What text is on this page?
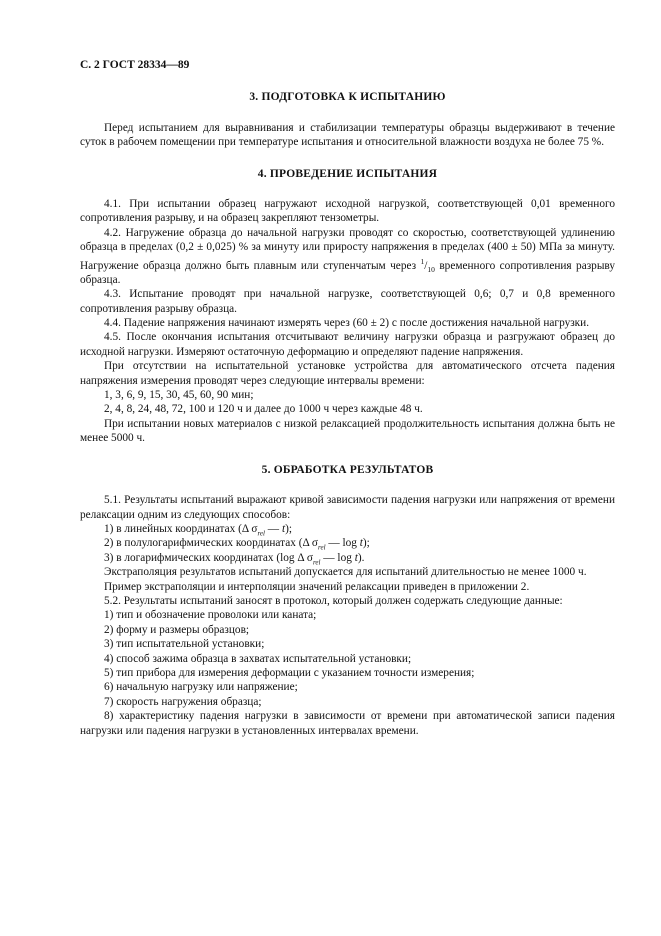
С. 2 ГОСТ 28334—89
3. ПОДГОТОВКА К ИСПЫТАНИЮ

Перед испытанием для выравнивания и стабилизации температуры образцы выдерживают в течение суток в рабочем помещении при температуре испытания и относительной влажности воздуха не более 75 %.

4. ПРОВЕДЕНИЕ ИСПЫТАНИЯ

4.1. При испытании образец нагружают исходной нагрузкой, соответствующей 0,01 временного сопротивления разрыву, и на образец закрепляют тензометры.

4.2. Нагружение образца до начальной нагрузки проводят со скоростью, соответствующей удлинению образца в пределах (0,2 ± 0,025) % за минуту или приросту напряжения в пределах (400 ± 50) МПа за минуту. Нагружение образца должно быть плавным или ступенчатым через $^1/_{10}$ временного сопротивления разрыву образца.

4.3. Испытание проводят при начальной нагрузке, соответствующей 0,6; 0,7 и 0,8 временного сопротивления разрыву образца.

4.4. Падение напряжения начинают измерять через (60 ± 2) с после достижения начальной нагрузки.

4.5. После окончания испытания отсчитывают величину нагрузки образца и разгружают образец до исходной нагрузки. Измеряют остаточную деформацию и определяют падение напряжения.

При отсутствии на испытательной установке устройства для автоматического отсчета падения напряжения измерения проводят через следующие интервалы времени:

1, 3, 6, 9, 15, 30, 45, 60, 90 мин;

2, 4, 8, 24, 48, 72, 100 и 120 ч и далее до 1000 ч через каждые 48 ч.

При испытании новых материалов с низкой релаксацией продолжительность испытания должна быть не менее 5000 ч.

5. ОБРАБОТКА РЕЗУЛЬТАТОВ

5.1. Результаты испытаний выражают кривой зависимости падения нагрузки или напряжения от времени релаксации одним из следующих способов:

1) в линейных координатах (Δ $\sigma_{rel}$ — t);

2) в полулогарифмических координатах (Δ $\sigma_{rel}$ — log t);

3) в логарифмических координатах (log Δ $\sigma_{rel}$ — log t).

Экстраполяция результатов испытаний допускается для испытаний длительностью не менее 1000 ч.

Пример экстраполяции и интерполяции значений релаксации приведен в приложении 2.

5.2. Результаты испытаний заносят в протокол, который должен содержать следующие данные:

1) тип и обозначение проволоки или каната;

2) форму и размеры образцов;

3) тип испытательной установки;

4) способ зажима образца в захватах испытательной установки;

5) тип прибора для измерения деформации с указанием точности измерения;

6) начальную нагрузку или напряжение;

7) скорость нагружения образца;

8) характеристику падения нагрузки в зависимости от времени при автоматической записи падения нагрузки или падения нагрузки в установленных интервалах времени.
